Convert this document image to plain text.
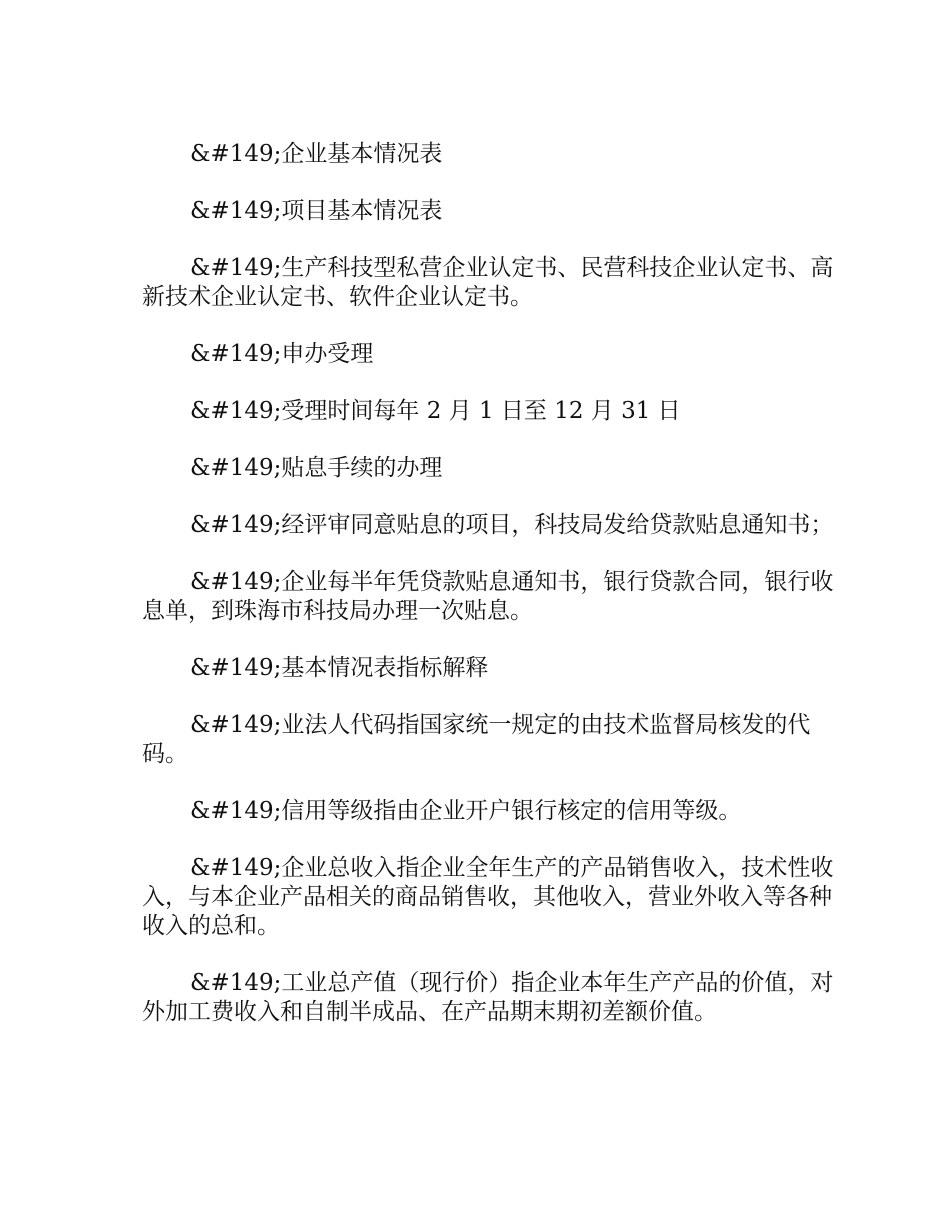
&#149;企业基本情况表

&#149;项目基本情况表

&#149;生产科技型私营企业认定书、民营科技企业认定书、高新技术企业认定书、软件企业认定书。

&#149;申办受理

&#149;受理时间每年 2 月 1 日至 12 月 31 日

&#149;贴息手续的办理

&#149;经评审同意贴息的项目，科技局发给贷款贴息通知书；

&#149;企业每半年凭贷款贴息通知书，银行贷款合同，银行收息单，到珠海市科技局办理一次贴息。

&#149;基本情况表指标解释

&#149;业法人代码指国家统一规定的由技术监督局核发的代码。

&#149;信用等级指由企业开户银行核定的信用等级。

&#149;企业总收入指企业全年生产的产品销售收入，技术性收入，与本企业产品相关的商品销售收，其他收入，营业外收入等各种收入的总和。

&#149;工业总产值（现行价）指企业本年生产产品的价值，对外加工费收入和自制半成品、在产品期末期初差额价值。
